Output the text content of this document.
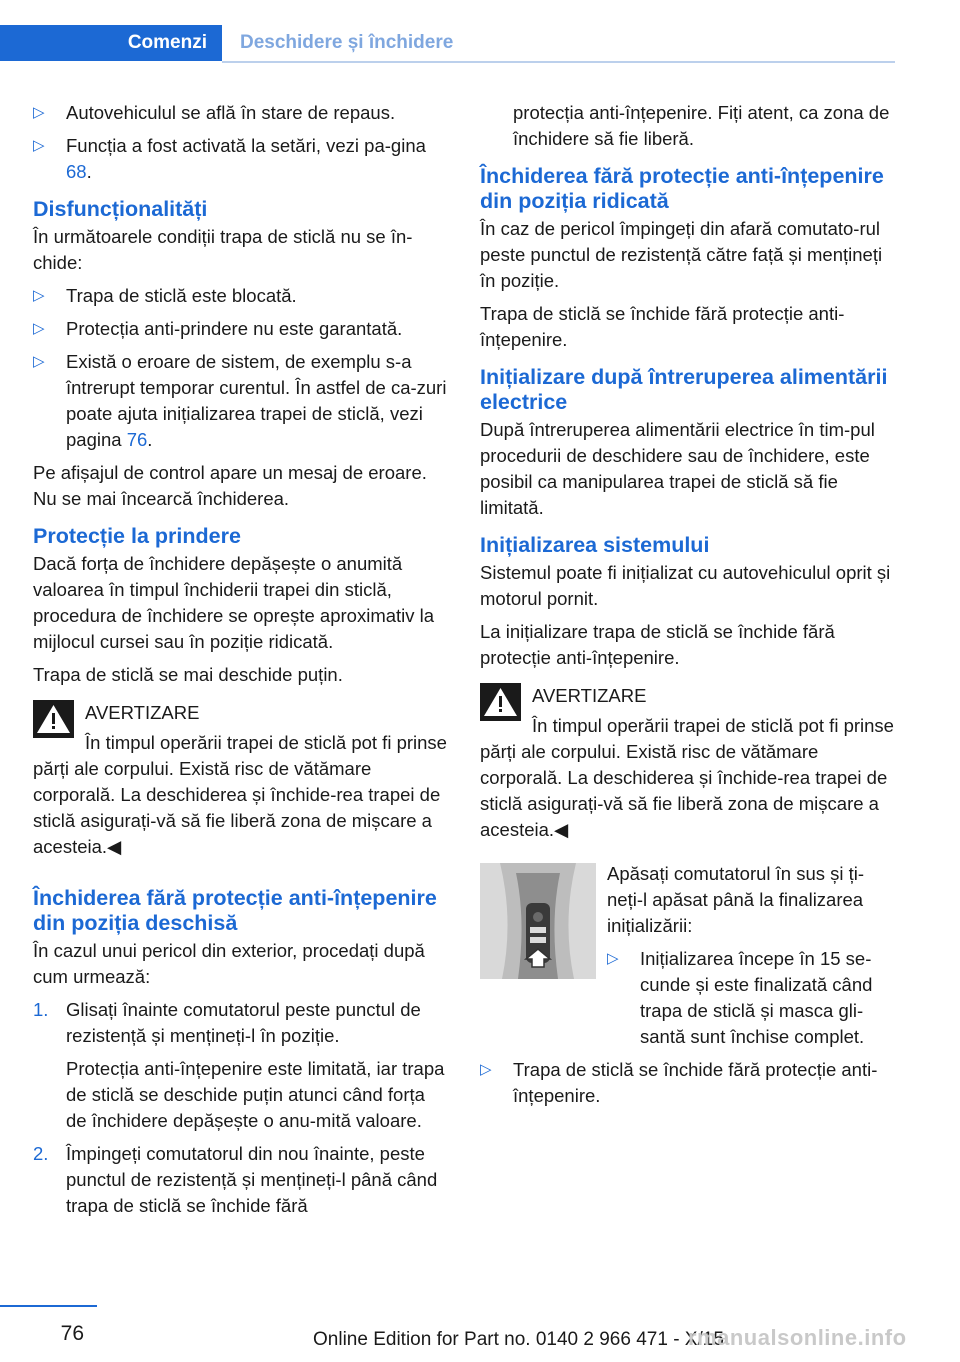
Comenzi	Deschidere și închidere
▷ Autovehiculul se află în stare de repaus.
▷ Funcția a fost activată la setări, vezi pa‐gina 68.
Disfuncționalități

În următoarele condiții trapa de sticlă nu se în‐chide:

▷ Trapa de sticlă este blocată.
▷ Protecția anti-prindere nu este garantată.
▷ Există o eroare de sistem, de exemplu s-a întrerupt temporar curentul. În astfel de ca‐zuri poate ajuta inițializarea trapei de sticlă, vezi pagina 76.

Pe afișajul de control apare un mesaj de eroare. Nu se mai încearcă închiderea.

Protecție la prindere

Dacă forța de închidere depășește o anumită valoarea în timpul închiderii trapei din sticlă, procedura de închidere se oprește aproximativ la mijlocul cursei sau în poziție ridicată.

Trapa de sticlă se mai deschide puțin.

AVERTIZARE
În timpul operării trapei de sticlă pot fi prinse părți ale corpului. Există risc de vătămare corporală. La deschiderea și închide‐rea trapei de sticlă asigurați-vă să fie liberă zona de mișcare a acesteia.◀
Închiderea fără protecție anti-înțepenire din poziția deschisă

În cazul unui pericol din exterior, procedați după cum urmează:

1. Glisați înainte comutatorul peste punctul de rezistență și mențineți-l în poziție.
Protecția anti-înțepenire este limitată, iar trapa de sticlă se deschide puțin atunci când forța de închidere depășește o anu‐mită valoare.
2. Împingeți comutatorul din nou înainte, peste punctul de rezistență și mențineți-l până când trapa de sticlă se închide fără

protecția anti-înțepenire. Fiți atent, ca zona de închidere să fie liberă.

Închiderea fără protecție anti-înțepenire din poziția ridicată

În caz de pericol împingeți din afară comutato‐rul peste punctul de rezistență către față și mențineți în poziție.

Trapa de sticlă se închide fără protecție anti-înțepenire.

Inițializare după întreruperea alimentării electrice

După întreruperea alimentării electrice în tim‐pul procedurii de deschidere sau de închidere, este posibil ca manipularea trapei de sticlă să fie limitată.

Inițializarea sistemului

Sistemul poate fi inițializat cu autovehiculul oprit și motorul pornit.

La inițializare trapa de sticlă se închide fără protecție anti-înțepenire.

AVERTIZARE
În timpul operării trapei de sticlă pot fi prinse părți ale corpului. Există risc de vătămare corporală. La deschiderea și închide‐rea trapei de sticlă asigurați-vă să fie liberă zona de mișcare a acesteia.◀

Apăsați comutatorul în sus și ți‐neți-l apăsat până la finalizarea inițializării:

▷ Inițializarea începe în 15 se‐cunde și este finalizată când trapa de sticlă și masca gli‐santă sunt închise complet.
▷ Trapa de sticlă se închide fără protecție anti-înțepenire.
76	Online Edition for Part no. 0140 2 966 471 - X/15
rmanualsonline.info
